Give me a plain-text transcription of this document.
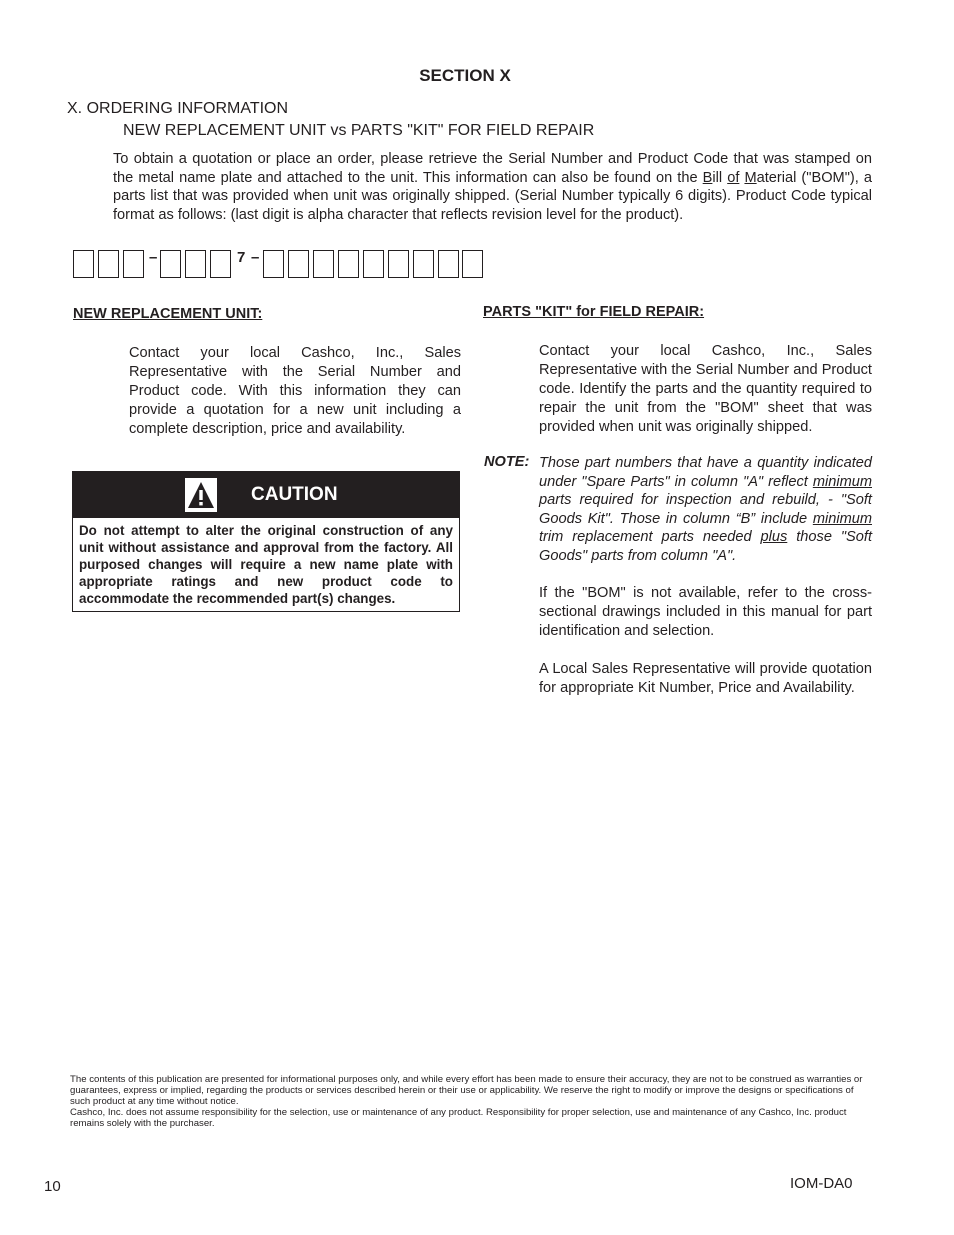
SECTION X
X. ORDERING INFORMATION
NEW REPLACEMENT UNIT vs PARTS "KIT" FOR FIELD REPAIR
To obtain a quotation or place an order, please retrieve the Serial Number and Product Code that was stamped on the metal name plate and attached to the unit. This information can also be found on the Bill of Material ("BOM"), a parts list that was provided when unit was originally shipped. (Serial Number typically 6 digits). Product Code typical format as follows: (last digit is alpha character that reflects revision level for the product).
–	7 –
NEW REPLACEMENT UNIT:
Contact your local Cashco, Inc., Sales Representative with the Serial Number and Product code. With this information they can provide a quotation for a new unit including a complete description, price and availability.
CAUTION
Do not attempt to alter the original construction of any unit without assistance and approval from the factory. All purposed changes will require a new name plate with appropriate ratings and new product code to accommodate the recommended part(s) changes.
PARTS "KIT" for FIELD REPAIR:
Contact your local Cashco, Inc., Sales Representative with the Serial Number and Product code. Identify the parts and the quantity required to repair the unit from the "BOM" sheet that was provided when unit was originally shipped.
NOTE: Those part numbers that have a quantity indicated under "Spare Parts" in column "A" reflect minimum parts required for inspection and rebuild, - "Soft Goods Kit". Those in column “B” include minimum trim replacement parts needed plus those "Soft Goods" parts from column "A".
If the "BOM" is not available, refer to the cross-sectional drawings included in this manual for part identification and selection.
A Local Sales Representative will provide quotation for appropriate Kit Number, Price and Availability.
The contents of this publication are presented for informational purposes only, and while every effort has been made to ensure their accuracy, they are not to be construed as warranties or guarantees, express or implied, regarding the products or services described herein or their use or applicability. We reserve the right to modify or improve the designs or specifications of such product at any time without notice.
Cashco, Inc. does not assume responsibility for the selection, use or maintenance of any product. Responsibility for proper selection, use and maintenance of any Cashco, Inc. product remains solely with the purchaser.
10	IOM-DA0
